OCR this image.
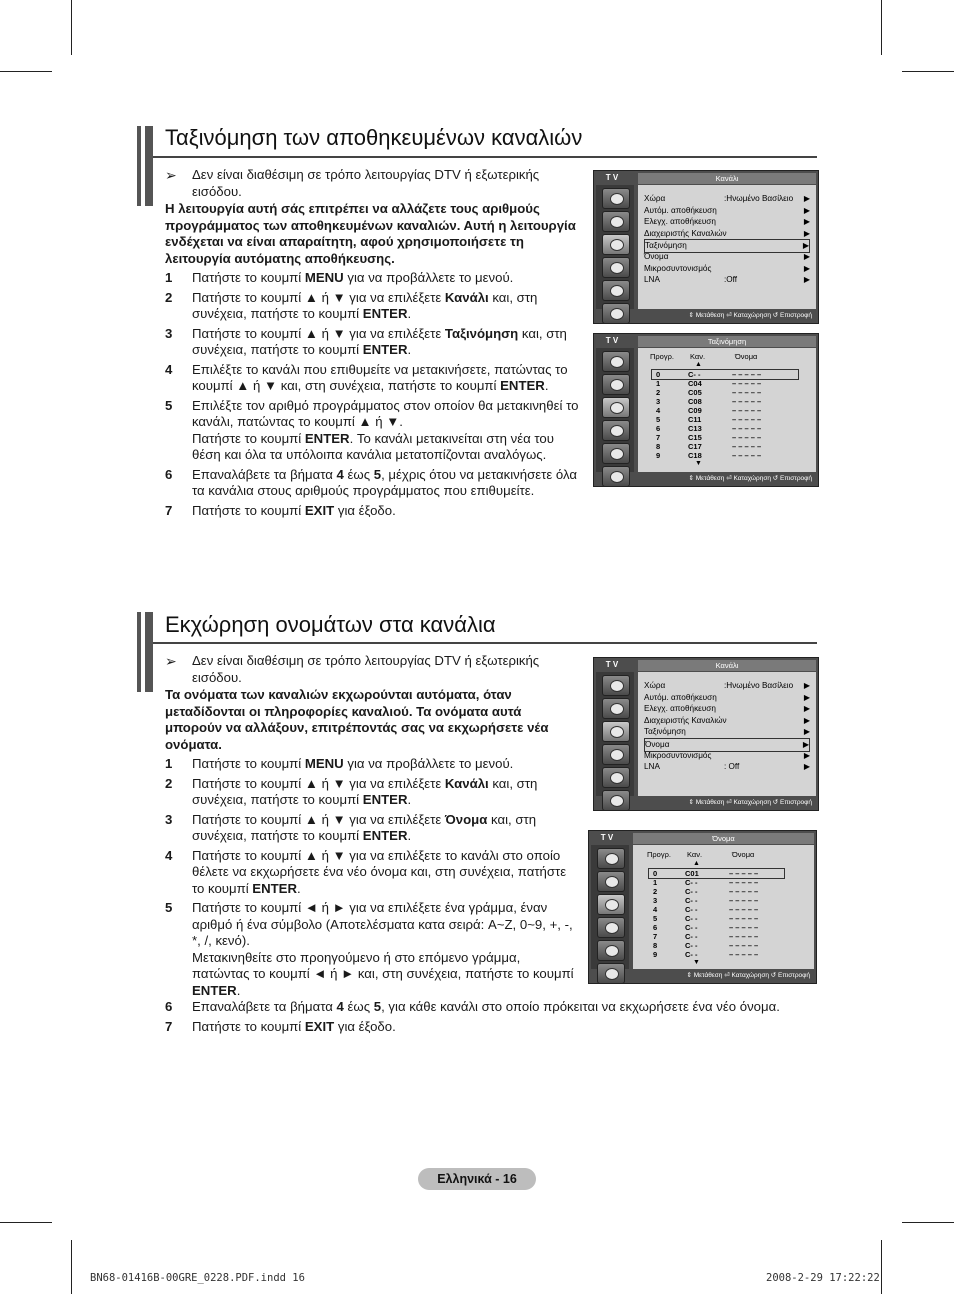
Ταξινόμηση των αποθηκευμένων καναλιών
➢ Δεν είναι διαθέσιμη σε τρόπο λειτουργίας DTV ή εξωτερικής εισόδου.
Η λειτουργία αυτή σάς επιτρέπει να αλλάζετε τους αριθμούς προγράμματος των αποθηκευμένων καναλιών. Αυτή η λειτουργία ενδέχεται να είναι απαραίτητη, αφού χρησιμοποιήσετε τη λειτουργία αυτόματης αποθήκευσης.
1	Πατήστε το κουμπί MENU για να προβάλλετε το μενού.
2	Πατήστε το κουμπί ▲ ή ▼ για να επιλέξετε Κανάλι και, στη συνέχεια, πατήστε το κουμπί ENTER.
3	Πατήστε το κουμπί ▲ ή ▼ για να επιλέξετε Ταξινόμηση και, στη συνέχεια, πατήστε το κουμπί ENTER.
4	Επιλέξτε το κανάλι που επιθυμείτε να μετακινήσετε, πατώντας το κουμπί ▲ ή ▼ και, στη συνέχεια, πατήστε το κουμπί ENTER.
5	Επιλέξτε τον αριθμό προγράμματος στον οποίον θα μετακινηθεί το κανάλι, πατώντας το κουμπί ▲ ή ▼.
Πατήστε το κουμπί ENTER. Το κανάλι μετακινείται στη νέα του θέση και όλα τα υπόλοιπα κανάλια μετατοπίζονται αναλόγως.
6	Επαναλάβετε τα βήματα 4 έως 5, μέχρις ότου να μετακινήσετε όλα τα κανάλια στους αριθμούς προγράμματος που επιθυμείτε.
7	Πατήστε το κουμπί EXIT για έξοδο.
T V	Κανάλι
Χώρα	:Ηνωμένο Βασίλειο ▶
Αυτόμ. αποθήκευση	▶
Ελεγχ. αποθήκευση	▶
Διαχειριστής Καναλιών	▶
Ταξινόμηση	▶
Όνομα	▶
Μικροσυντονισμός	▶
LNA	:Off	▶
⇕ Μετάθεση ⏎ Καταχώρηση ↺ Επιστροφή
T V	Ταξινόμηση
Προγρ. Καν.	Όνομα
▲
0	C- -	– – – – –
1	C04	– – – – –
2	C05	– – – – –
3	C08	– – – – –
4	C09	– – – – –
5	C11	– – – – –
6	C13	– – – – –
7	C15	– – – – –
8	C17	– – – – –
9	C18	– – – – –
▼
⇕ Μετάθεση ⏎ Καταχώρηση ↺ Επιστροφή
Εκχώρηση ονομάτων στα κανάλια
➢ Δεν είναι διαθέσιμη σε τρόπο λειτουργίας DTV ή εξωτερικής εισόδου.
Τα ονόματα των καναλιών εκχωρούνται αυτόματα, όταν μεταδίδονται οι πληροφορίες καναλιού. Τα ονόματα αυτά μπορούν να αλλάξουν, επιτρέποντάς σας να εκχωρήσετε νέα ονόματα.
1	Πατήστε το κουμπί MENU για να προβάλλετε το μενού.
2	Πατήστε το κουμπί ▲ ή ▼ για να επιλέξετε Κανάλι και, στη συνέχεια, πατήστε το κουμπί ENTER.
3	Πατήστε το κουμπί ▲ ή ▼ για να επιλέξετε Όνομα και, στη συνέχεια, πατήστε το κουμπί ENTER.
4	Πατήστε το κουμπί ▲ ή ▼ για να επιλέξετε το κανάλι στο οποίο θέλετε να εκχωρήσετε ένα νέο όνομα και, στη συνέχεια, πατήστε το κουμπί ENTER.
5	Πατήστε το κουμπί ◄ ή ► για να επιλέξετε ένα γράμμα, έναν αριθμό ή ένα σύμβολο (Αποτελέσματα κατα σειρά: A~Z, 0~9, +, -, *, /, κενό).
Μετακινηθείτε στο προηγούμενο ή στο επόμενο γράμμα, πατώντας το κουμπί ◄ ή ► και, στη συνέχεια, πατήστε το κουμπί ENTER.
6	Επαναλάβετε τα βήματα 4 έως 5, για κάθε κανάλι στο οποίο πρόκειται να εκχωρήσετε ένα νέο όνομα.
7	Πατήστε το κουμπί EXIT για έξοδο.
T V	Κανάλι
Χώρα	:Ηνωμένο Βασίλειο ▶
Αυτόμ. αποθήκευση	▶
Ελεγχ. αποθήκευση	▶
Διαχειριστής Καναλιών	▶
Ταξινόμηση	▶
Όνομα	▶
Μικροσυντονισμός	▶
LNA	: Off	▶
⇕ Μετάθεση ⏎ Καταχώρηση ↺ Επιστροφή
T V	Όνομα
Προγρ. Καν.	Όνομα
▲
0	C01	– – – – –
1	C- -	– – – – –
2	C- -	– – – – –
3	C- -	– – – – –
4	C- -	– – – – –
5	C- -	– – – – –
6	C- -	– – – – –
7	C- -	– – – – –
8	C- -	– – – – –
9	C- -	– – – – –
▼
⇕ Μετάθεση ⏎ Καταχώρηση ↺ Επιστροφή
Ελληνικά - 16
BN68-01416B-00GRE_0228.PDF.indd 16	2008-2-29 17:22:22
